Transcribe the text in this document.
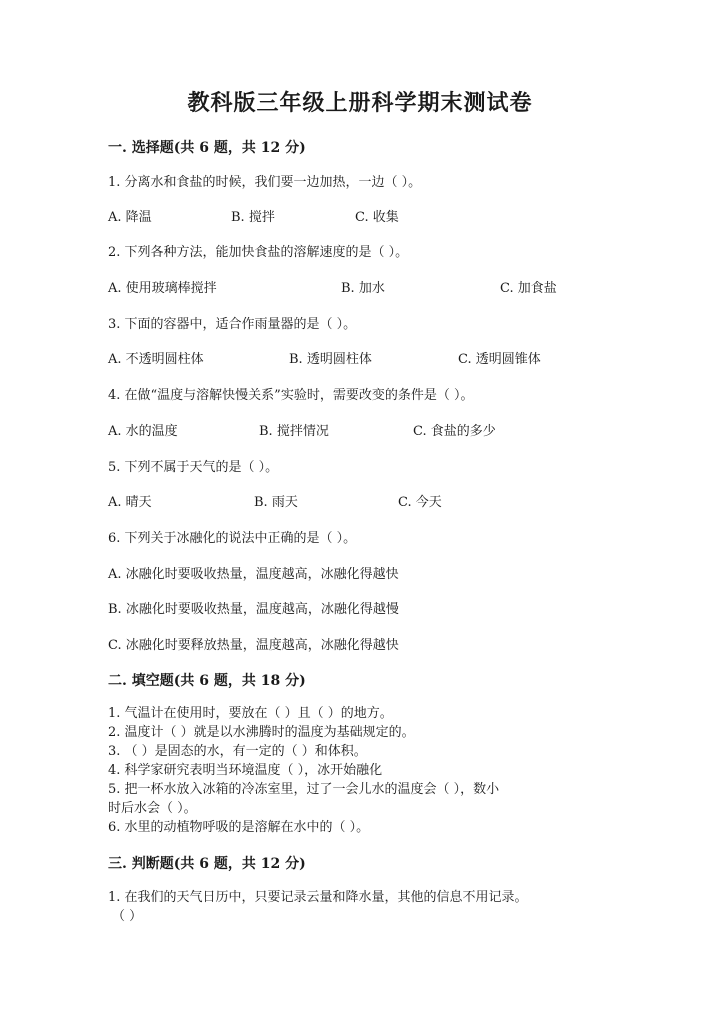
教科版三年级上册科学期末测试卷
一. 选择题(共 6 题，共 12 分)
1. 分离水和食盐的时候，我们要一边加热，一边（ ）。
A. 降温	B. 搅拌	C. 收集
2. 下列各种方法，能加快食盐的溶解速度的是（ ）。
A. 使用玻璃棒搅拌	B. 加水	C. 加食盐
3. 下面的容器中，适合作雨量器的是（ ）。
A. 不透明圆柱体	B. 透明圆柱体	C. 透明圆锥体
4. 在做“温度与溶解快慢关系”实验时，需要改变的条件是（ ）。
A. 水的温度	B. 搅拌情况	C. 食盐的多少
5. 下列不属于天气的是（ ）。
A. 晴天	B. 雨天	C. 今天
6. 下列关于冰融化的说法中正确的是（ ）。
A. 冰融化时要吸收热量，温度越高，冰融化得越快
B. 冰融化时要吸收热量，温度越高，冰融化得越慢
C. 冰融化时要释放热量，温度越高，冰融化得越快
二. 填空题(共 6 题，共 18 分)
1. 气温计在使用时，要放在（ ）且（ ）的地方。
2. 温度计（ ）就是以水沸腾时的温度为基础规定的。
3. （ ）是固态的水，有一定的（ ）和体积。
4. 科学家研究表明当环境温度（ ），冰开始融化
5. 把一杯水放入冰箱的冷冻室里，过了一会儿水的温度会（ ），数小
时后水会（ ）。
6. 水里的动植物呼吸的是溶解在水中的（ ）。
三. 判断题(共 6 题，共 12 分)
1. 在我们的天气日历中，只要记录云量和降水量，其他的信息不用记录。
（ ）
